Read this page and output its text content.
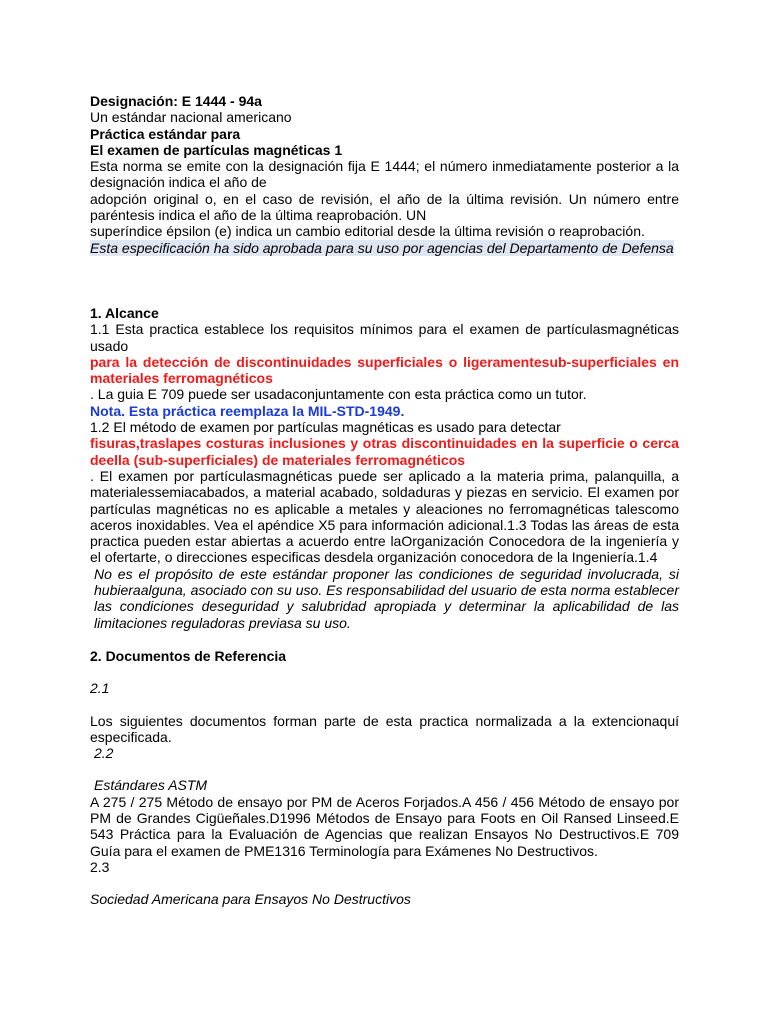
Designación: E 1444 - 94a

Un estándar nacional americano

Práctica estándar para

El examen de partículas magnéticas 1

Esta norma se emite con la designación fija E 1444; el número inmediatamente posterior a la designación indica el año de

adopción original o, en el caso de revisión, el año de la última revisión. Un número entre paréntesis indica el año de la última reaprobación. UN

superíndice épsilon (e) indica un cambio editorial desde la última revisión o reaprobación.

Esta especificación ha sido aprobada para su uso por agencias del Departamento de Defensa

1. Alcance

1.1 Esta practica establece los requisitos mínimos para el examen de partículasmagnéticas usado

para la detección de discontinuidades superficiales o ligeramentesub-superficiales en materiales ferromagnéticos

. La guia E 709 puede ser usadaconjuntamente con esta práctica como un tutor.

Nota. Esta práctica reemplaza la MIL-STD-1949.

1.2 El método de examen por partículas magnéticas es usado para detectar

fisuras,traslapes costuras inclusiones y otras discontinuidades en la superficie o cerca deella (sub-superficiales) de materiales ferromagnéticos

. El examen por partículasmagnéticas puede ser aplicado a la materia prima, palanquilla, a materialessemiacabados, a material acabado, soldaduras y piezas en servicio. El examen por partículas magnéticas no es aplicable a metales y aleaciones no ferromagnéticas talescomo aceros inoxidables. Vea el apéndice X5 para información adicional.1.3 Todas las áreas de esta practica pueden estar abiertas a acuerdo entre laOrganización Conocedora de la ingeniería y el ofertarte, o direcciones especificas desdela organización conocedora de la Ingeniería.1.4

No es el propósito de este estándar proponer las condiciones de seguridad involucrada, si hubieraalguna, asociado con su uso. Es responsabilidad del usuario de esta norma establecer las condiciones deseguridad y salubridad apropiada y determinar la aplicabilidad de las limitaciones reguladoras previasa su uso.

2. Documentos de Referencia

2.1

Los siguientes documentos forman parte de esta practica normalizada a la extencionaquí especificada.

2.2

Estándares ASTM

A 275 / 275 Método de ensayo por PM de Aceros Forjados.A 456 / 456 Método de ensayo por PM de Grandes Cigüeñales.D1996 Métodos de Ensayo para Foots en Oil Ransed Linseed.E 543 Práctica para la Evaluación de Agencias que realizan Ensayos No Destructivos.E 709 Guía para el examen de PME1316 Terminología para Exámenes No Destructivos.

2.3

Sociedad Americana para Ensayos No Destructivos
